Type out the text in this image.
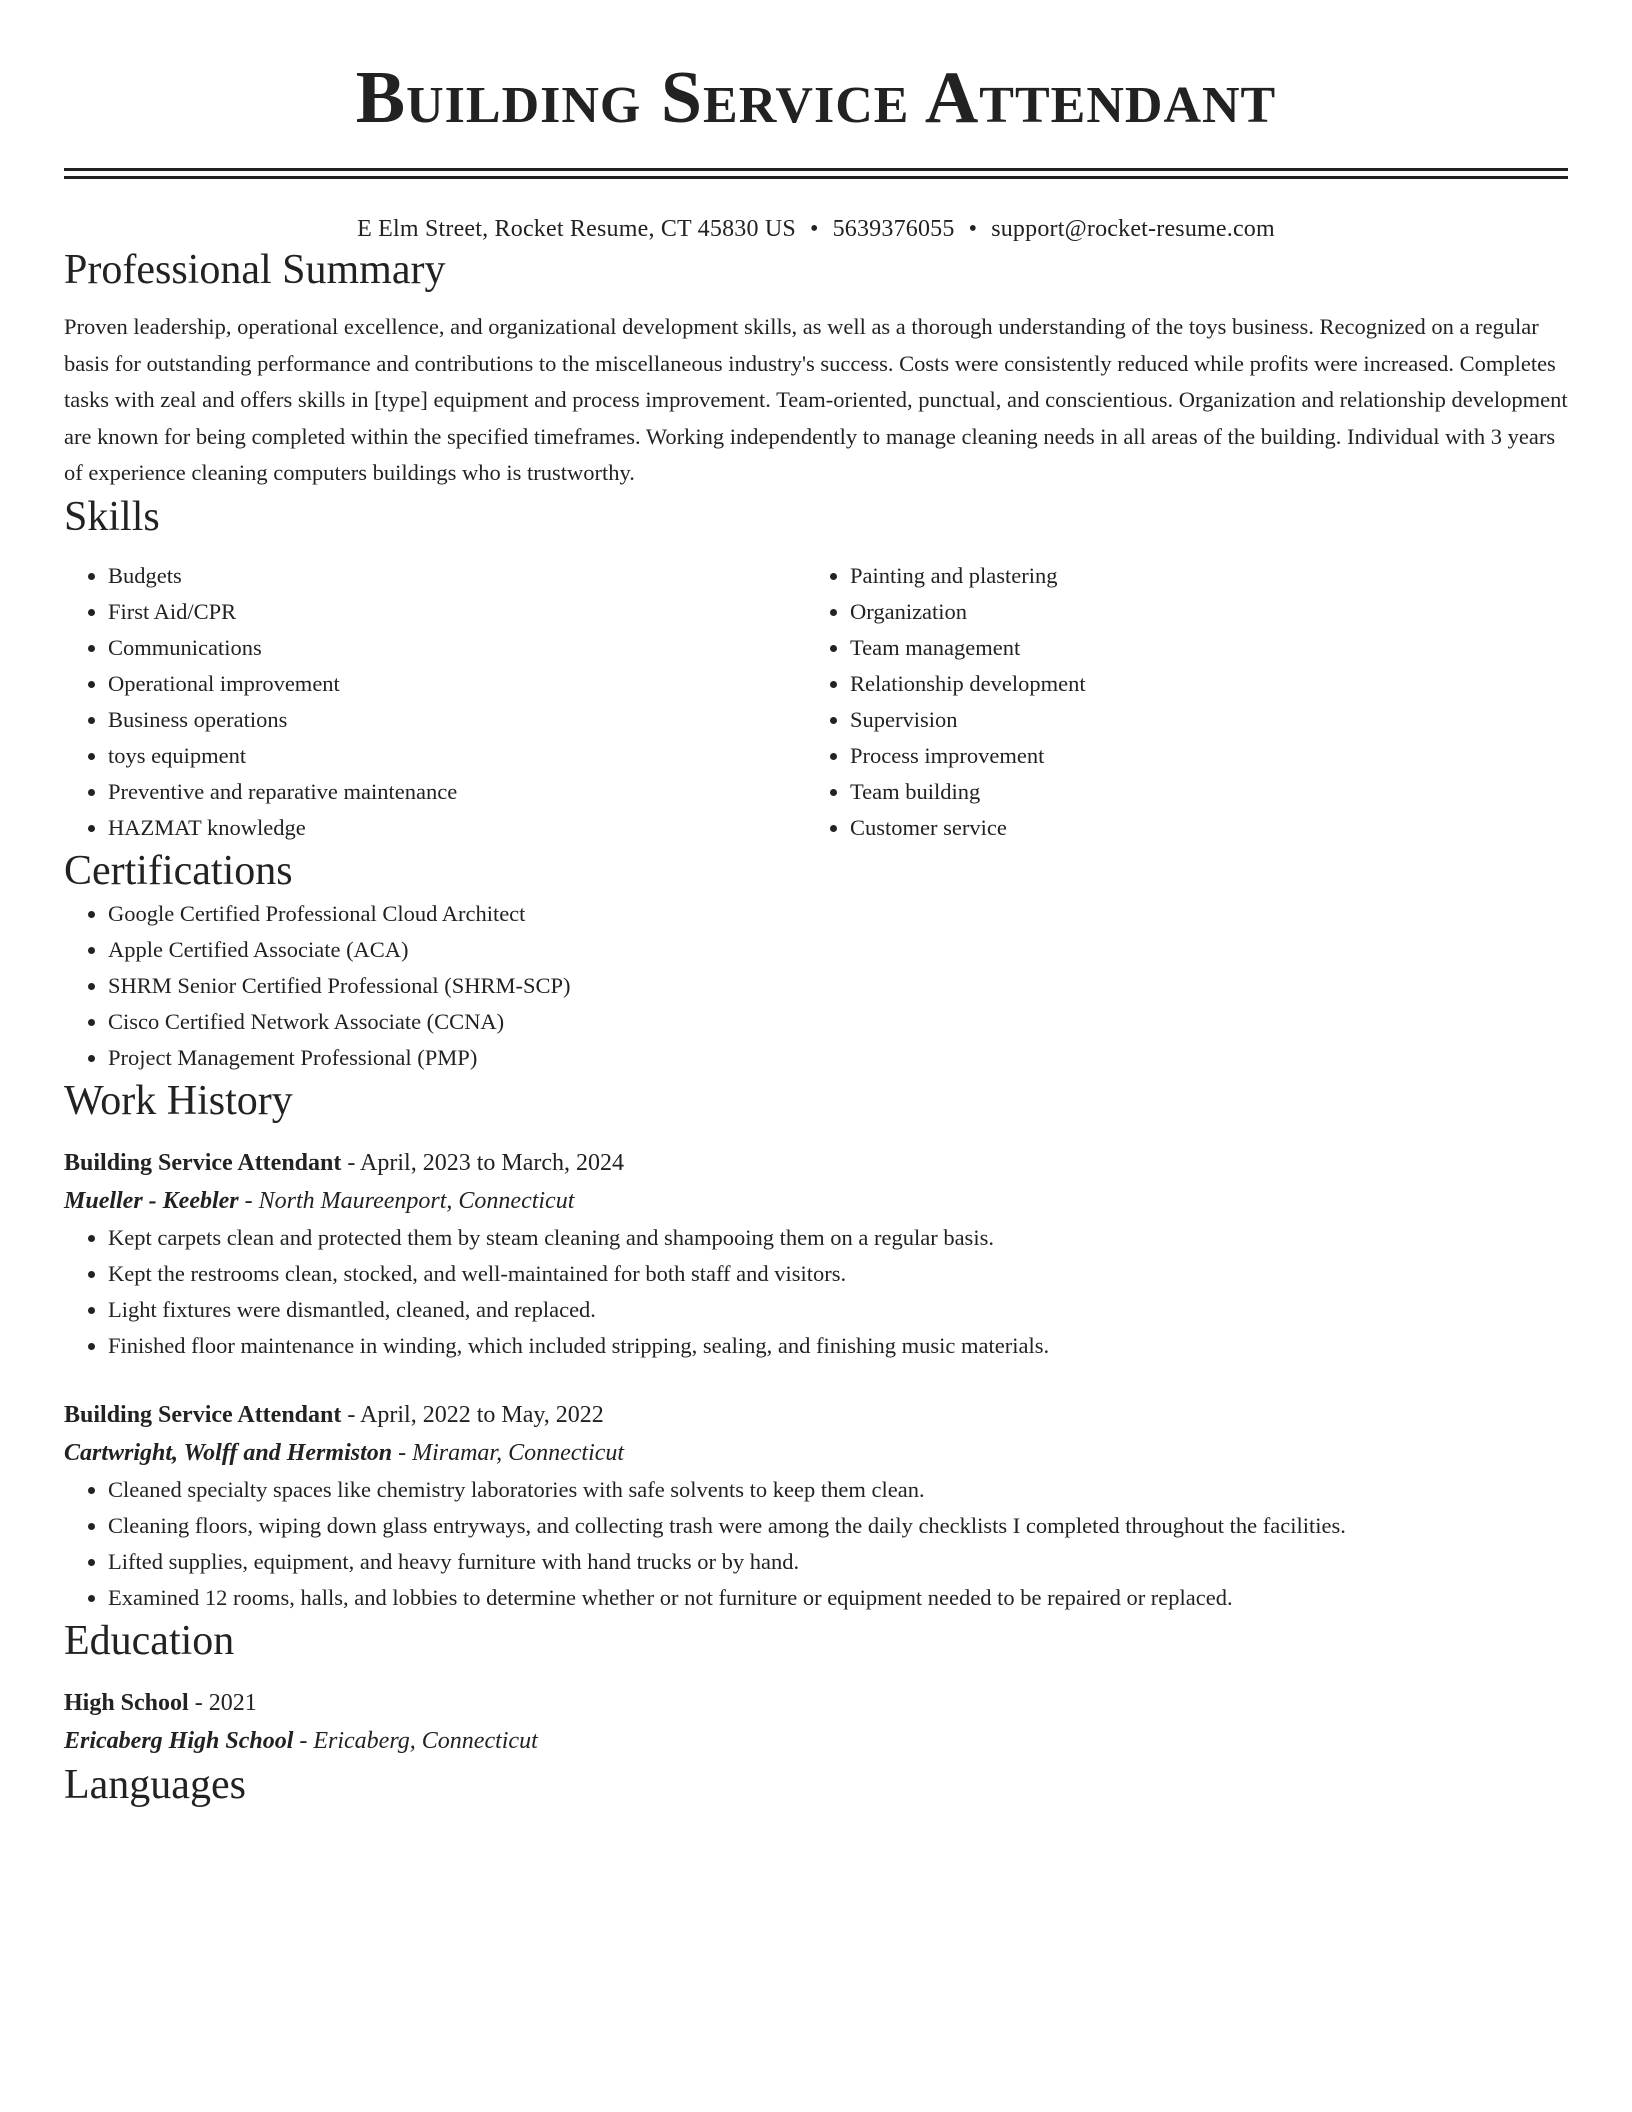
Building Service Attendant
E Elm Street, Rocket Resume, CT 45830 US • 5639376055 • support@rocket-resume.com
Professional Summary
Proven leadership, operational excellence, and organizational development skills, as well as a thorough understanding of the toys business. Recognized on a regular basis for outstanding performance and contributions to the miscellaneous industry's success. Costs were consistently reduced while profits were increased. Completes tasks with zeal and offers skills in [type] equipment and process improvement. Team-oriented, punctual, and conscientious. Organization and relationship development are known for being completed within the specified timeframes. Working independently to manage cleaning needs in all areas of the building. Individual with 3 years of experience cleaning computers buildings who is trustworthy.
Skills
• Budgets
• First Aid/CPR
• Communications
• Operational improvement
• Business operations
• toys equipment
• Preventive and reparative maintenance
• HAZMAT knowledge
• Painting and plastering
• Organization
• Team management
• Relationship development
• Supervision
• Process improvement
• Team building
• Customer service
Certifications
• Google Certified Professional Cloud Architect
• Apple Certified Associate (ACA)
• SHRM Senior Certified Professional (SHRM-SCP)
• Cisco Certified Network Associate (CCNA)
• Project Management Professional (PMP)
Work History
Building Service Attendant - April, 2023 to March, 2024
Mueller - Keebler - North Maureenport, Connecticut
• Kept carpets clean and protected them by steam cleaning and shampooing them on a regular basis.
• Kept the restrooms clean, stocked, and well-maintained for both staff and visitors.
• Light fixtures were dismantled, cleaned, and replaced.
• Finished floor maintenance in winding, which included stripping, sealing, and finishing music materials.
Building Service Attendant - April, 2022 to May, 2022
Cartwright, Wolff and Hermiston - Miramar, Connecticut
• Cleaned specialty spaces like chemistry laboratories with safe solvents to keep them clean.
• Cleaning floors, wiping down glass entryways, and collecting trash were among the daily checklists I completed throughout the facilities.
• Lifted supplies, equipment, and heavy furniture with hand trucks or by hand.
• Examined 12 rooms, halls, and lobbies to determine whether or not furniture or equipment needed to be repaired or replaced.
Education
High School - 2021
Ericaberg High School - Ericaberg, Connecticut
Languages
